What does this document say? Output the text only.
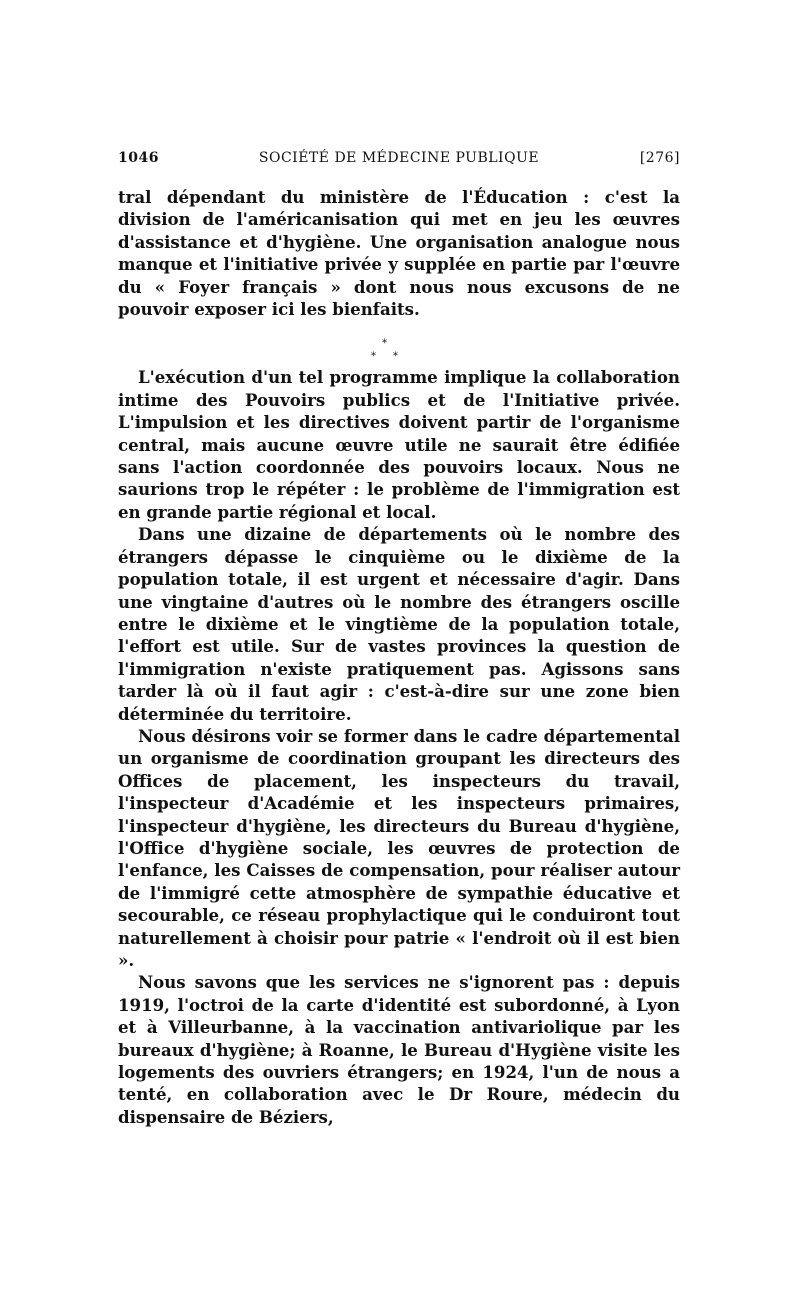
1046	SOCIÉTÉ DE MÉDECINE PUBLIQUE	[276]

tral dépendant du ministère de l'Éducation : c'est la division de l'américanisation qui met en jeu les œuvres d'assistance et d'hygiène. Une organisation analogue nous manque et l'initiative privée y supplée en partie par l'œuvre du « Foyer français » dont nous nous excusons de ne pouvoir exposer ici les bienfaits.

L'exécution d'un tel programme implique la collaboration intime des Pouvoirs publics et de l'Initiative privée. L'impulsion et les directives doivent partir de l'organisme central, mais aucune œuvre utile ne saurait être édifiée sans l'action coordonnée des pouvoirs locaux. Nous ne saurions trop le répéter : le problème de l'immigration est en grande partie régional et local.

Dans une dizaine de départements où le nombre des étrangers dépasse le cinquième ou le dixième de la population totale, il est urgent et nécessaire d'agir. Dans une vingtaine d'autres où le nombre des étrangers oscille entre le dixième et le vingtième de la population totale, l'effort est utile. Sur de vastes provinces la question de l'immigration n'existe pratiquement pas. Agissons sans tarder là où il faut agir : c'est-à-dire sur une zone bien déterminée du territoire.

Nous désirons voir se former dans le cadre départemental un organisme de coordination groupant les directeurs des Offices de placement, les inspecteurs du travail, l'inspecteur d'Académie et les inspecteurs primaires, l'inspecteur d'hygiène, les directeurs du Bureau d'hygiène, l'Office d'hygiène sociale, les œuvres de protection de l'enfance, les Caisses de compensation, pour réaliser autour de l'immigré cette atmosphère de sympathie éducative et secourable, ce réseau prophylactique qui le conduiront tout naturellement à choisir pour patrie « l'endroit où il est bien ».

Nous savons que les services ne s'ignorent pas : depuis 1919, l'octroi de la carte d'identité est subordonné, à Lyon et à Villeurbanne, à la vaccination antivariolique par les bureaux d'hygiène; à Roanne, le Bureau d'Hygiène visite les logements des ouvriers étrangers; en 1924, l'un de nous a tenté, en collaboration avec le Dr Roure, médecin du dispensaire de Béziers,

*
* *
